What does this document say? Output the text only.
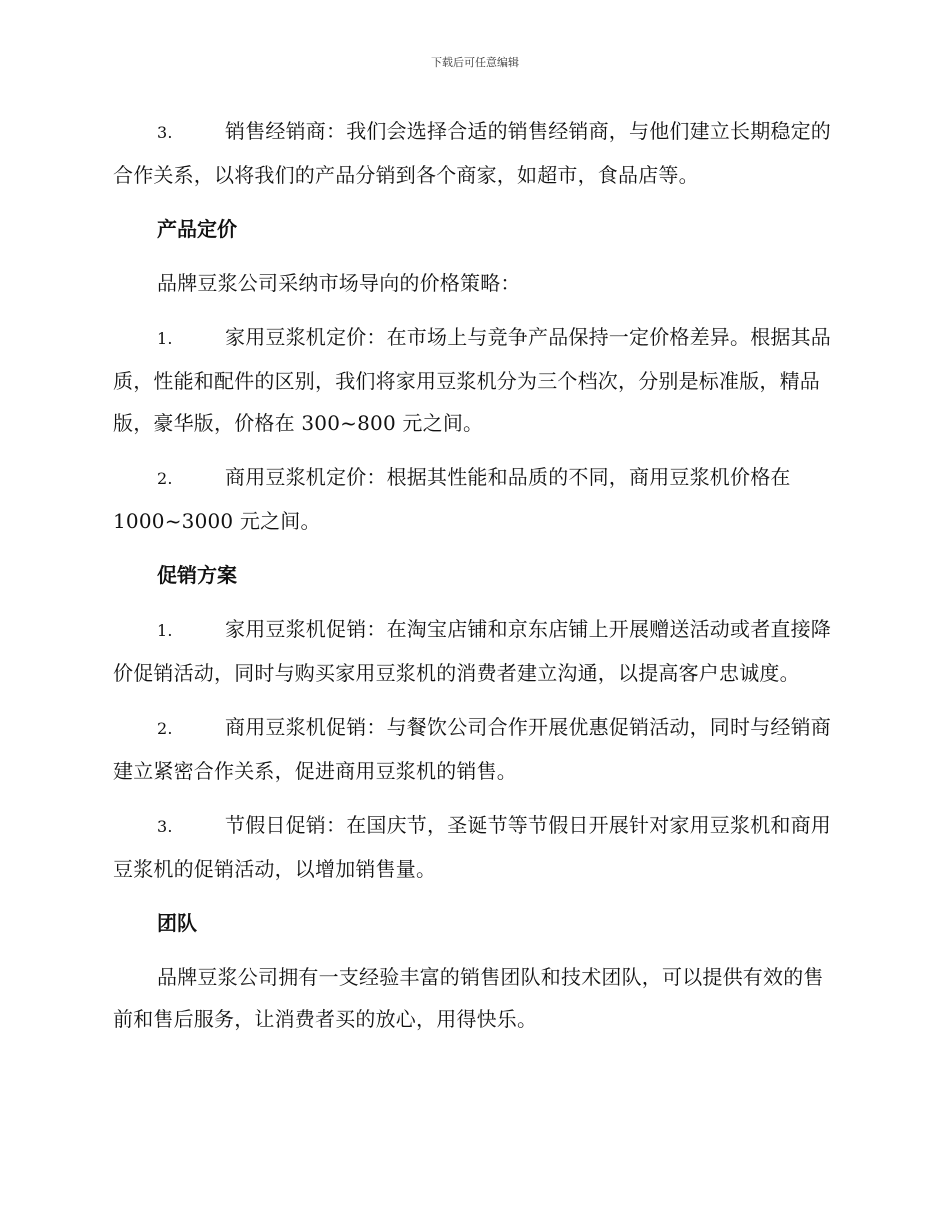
下载后可任意编辑

3.	销售经销商：我们会选择合适的销售经销商，与他们建立长期稳定的合作关系，以将我们的产品分销到各个商家，如超市，食品店等。

产品定价

品牌豆浆公司采纳市场导向的价格策略：

1.	家用豆浆机定价：在市场上与竞争产品保持一定价格差异。根据其品质，性能和配件的区别，我们将家用豆浆机分为三个档次，分别是标准版，精品版，豪华版，价格在 300~800 元之间。

2.	商用豆浆机定价：根据其性能和品质的不同，商用豆浆机价格在1000~3000 元之间。

促销方案

1.	家用豆浆机促销：在淘宝店铺和京东店铺上开展赠送活动或者直接降价促销活动，同时与购买家用豆浆机的消费者建立沟通，以提高客户忠诚度。

2.	商用豆浆机促销：与餐饮公司合作开展优惠促销活动，同时与经销商建立紧密合作关系，促进商用豆浆机的销售。

3.	节假日促销：在国庆节，圣诞节等节假日开展针对家用豆浆机和商用豆浆机的促销活动，以增加销售量。

团队

品牌豆浆公司拥有一支经验丰富的销售团队和技术团队，可以提供有效的售前和售后服务，让消费者买的放心，用得快乐。
